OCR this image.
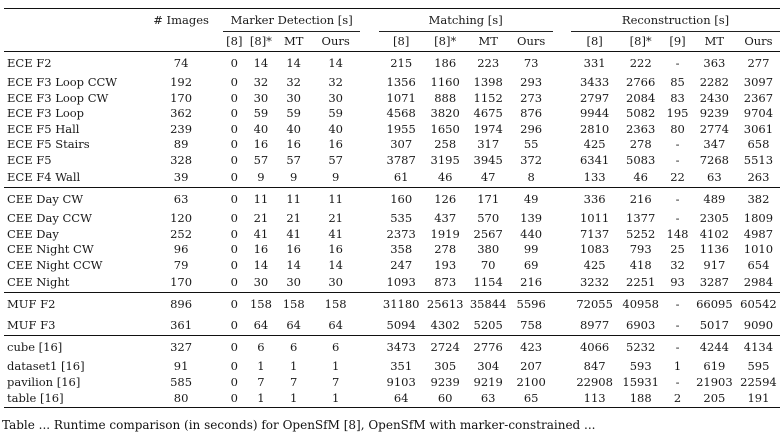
	# Images	Marker Detection [s]					Matching [s]					Reconstruction [s]				
		[8]	[8]*	MT	Ours		[8]	[8]*	MT	Ours		[8]	[8]*	[9]	MT	Ours
ECE F2	74	0	14	14	14		215	186	223	73		331	222	-	363	277
ECE F3 Loop CCW	192	0	32	32	32		1356	1160	1398	293		3433	2766	85	2282	3097
ECE F3 Loop CW	170	0	30	30	30		1071	888	1152	273		2797	2084	83	2430	2367
ECE F3 Loop	362	0	59	59	59		4568	3820	4675	876		9944	5082	195	9239	9704
ECE F5 Hall	239	0	40	40	40		1955	1650	1974	296		2810	2363	80	2774	3061
ECE F5 Stairs	89	0	16	16	16		307	258	317	55		425	278	-	347	658
ECE F5	328	0	57	57	57		3787	3195	3945	372		6341	5083	-	7268	5513
ECE F4 Wall	39	0	9	9	9		61	46	47	8		133	46	22	63	263
CEE Day CW	63	0	11	11	11		160	126	171	49		336	216	-	489	382
CEE Day CCW	120	0	21	21	21		535	437	570	139		1011	1377	-	2305	1809
CEE Day	252	0	41	41	41		2373	1919	2567	440		7137	5252	148	4102	4987
CEE Night CW	96	0	16	16	16		358	278	380	99		1083	793	25	1136	1010
CEE Night CCW	79	0	14	14	14		247	193	70	69		425	418	32	917	654
CEE Night	170	0	30	30	30		1093	873	1154	216		3232	2251	93	3287	2984
MUF F2	896	0	158	158	158		31180	25613	35844	5596		72055	40958	-	66095	60542
MUF F3	361	0	64	64	64		5094	4302	5205	758		8977	6903	-	5017	9090
cube [16]	327	0	6	6	6		3473	2724	2776	423		4066	5232	-	4244	4134
dataset1 [16]	91	0	1	1	1		351	305	304	207		847	593	1	619	595
pavilion [16]	585	0	7	7	7		9103	9239	9219	2100		22908	15931	-	21903	22594
table [16]	80	0	1	1	1		64	60	63	65		113	188	2	205	191
Table ... Runtime comparison (in seconds) for OpenSfM [8], OpenSfM with marker-constrained ...
